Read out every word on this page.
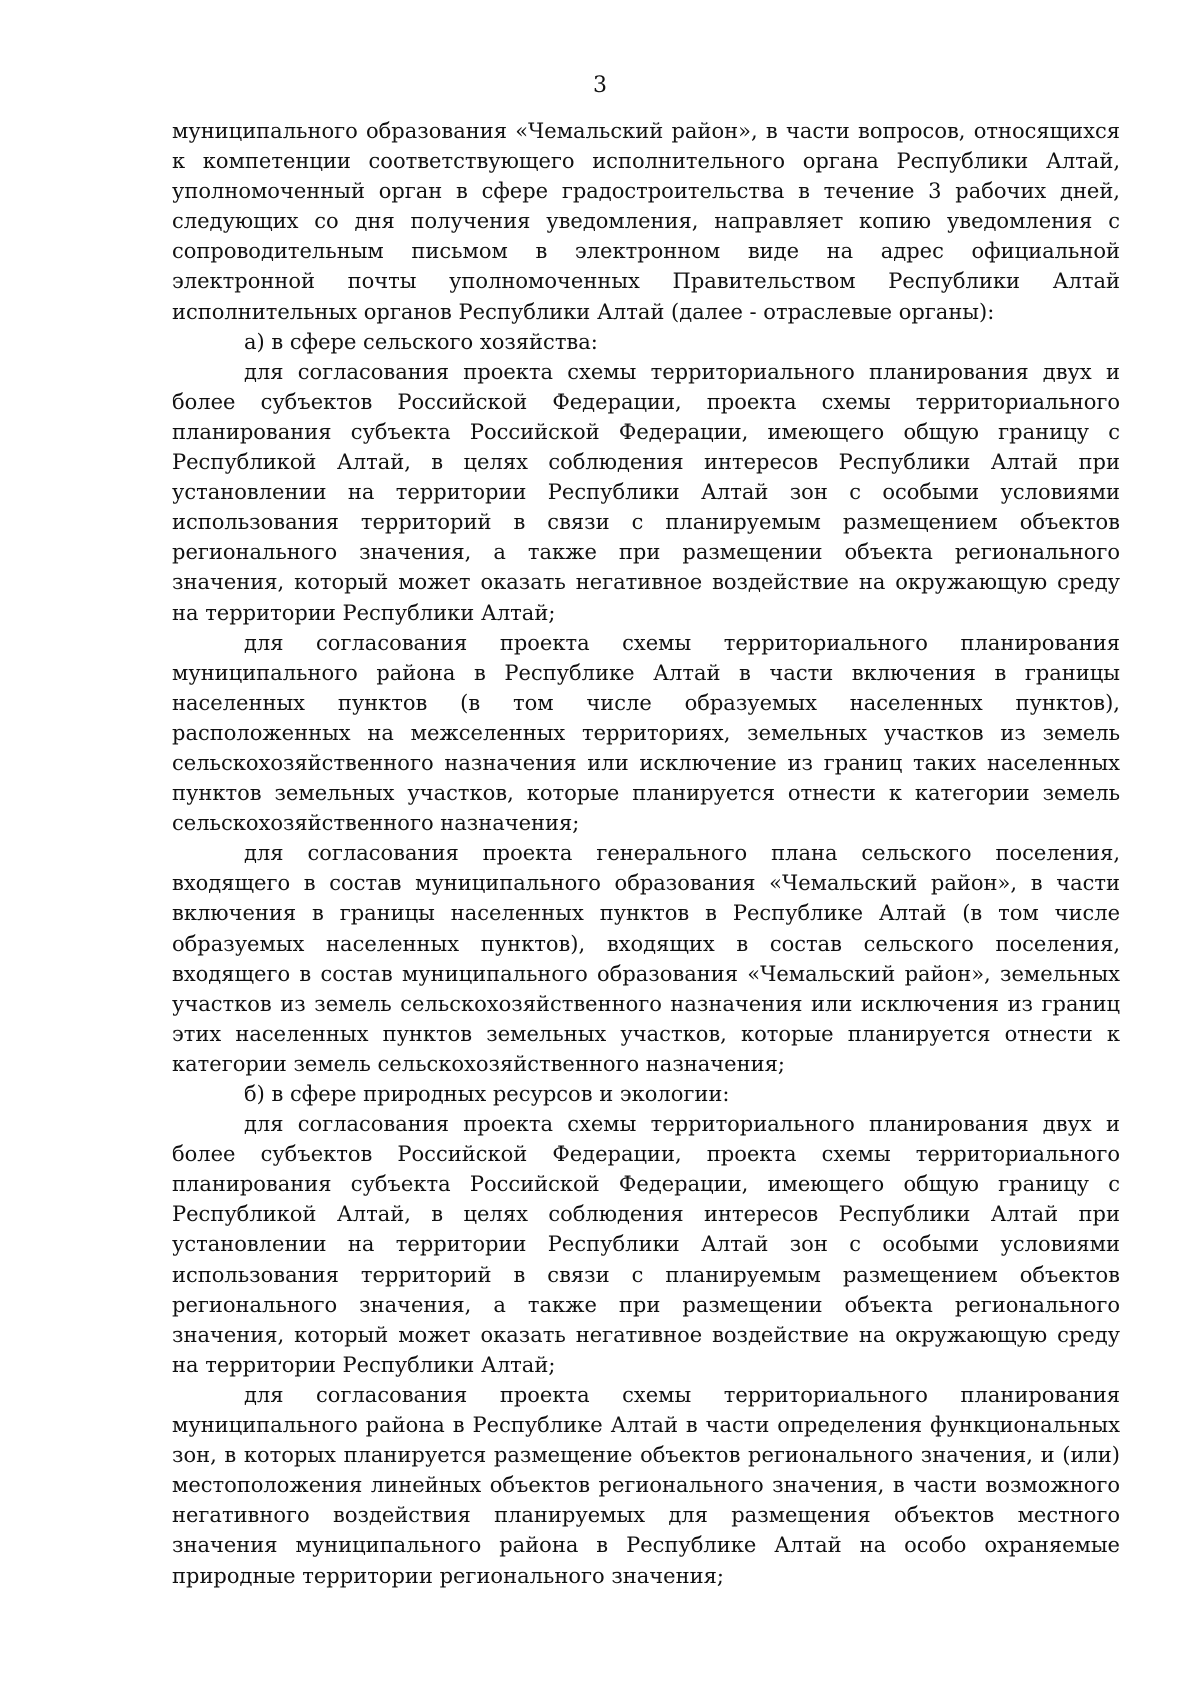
3

муниципального образования «Чемальский район», в части вопросов, относящихся к компетенции соответствующего исполнительного органа Республики Алтай, уполномоченный орган в сфере градостроительства в течение 3 рабочих дней, следующих со дня получения уведомления, направляет копию уведомления с сопроводительным письмом в электронном виде на адрес официальной электронной почты уполномоченных Правительством Республики Алтай исполнительных органов Республики Алтай (далее - отраслевые органы):

а) в сфере сельского хозяйства:

для согласования проекта схемы территориального планирования двух и более субъектов Российской Федерации, проекта схемы территориального планирования субъекта Российской Федерации, имеющего общую границу с Республикой Алтай, в целях соблюдения интересов Республики Алтай при установлении на территории Республики Алтай зон с особыми условиями использования территорий в связи с планируемым размещением объектов регионального значения, а также при размещении объекта регионального значения, который может оказать негативное воздействие на окружающую среду на территории Республики Алтай;

для согласования проекта схемы территориального планирования муниципального района в Республике Алтай в части включения в границы населенных пунктов (в том числе образуемых населенных пунктов), расположенных на межселенных территориях, земельных участков из земель сельскохозяйственного назначения или исключение из границ таких населенных пунктов земельных участков, которые планируется отнести к категории земель сельскохозяйственного назначения;

для согласования проекта генерального плана сельского поселения, входящего в состав муниципального образования «Чемальский район», в части включения в границы населенных пунктов в Республике Алтай (в том числе образуемых населенных пунктов), входящих в состав сельского поселения, входящего в состав муниципального образования «Чемальский район», земельных участков из земель сельскохозяйственного назначения или исключения из границ этих населенных пунктов земельных участков, которые планируется отнести к категории земель сельскохозяйственного назначения;

б) в сфере природных ресурсов и экологии:

для согласования проекта схемы территориального планирования двух и более субъектов Российской Федерации, проекта схемы территориального планирования субъекта Российской Федерации, имеющего общую границу с Республикой Алтай, в целях соблюдения интересов Республики Алтай при установлении на территории Республики Алтай зон с особыми условиями использования территорий в связи с планируемым размещением объектов регионального значения, а также при размещении объекта регионального значения, который может оказать негативное воздействие на окружающую среду на территории Республики Алтай;

для согласования проекта схемы территориального планирования муниципального района в Республике Алтай в части определения функциональных зон, в которых планируется размещение объектов регионального значения, и (или) местоположения линейных объектов регионального значения, в части возможного негативного воздействия планируемых для размещения объектов местного значения муниципального района в Республике Алтай на особо охраняемые природные территории регионального значения;
